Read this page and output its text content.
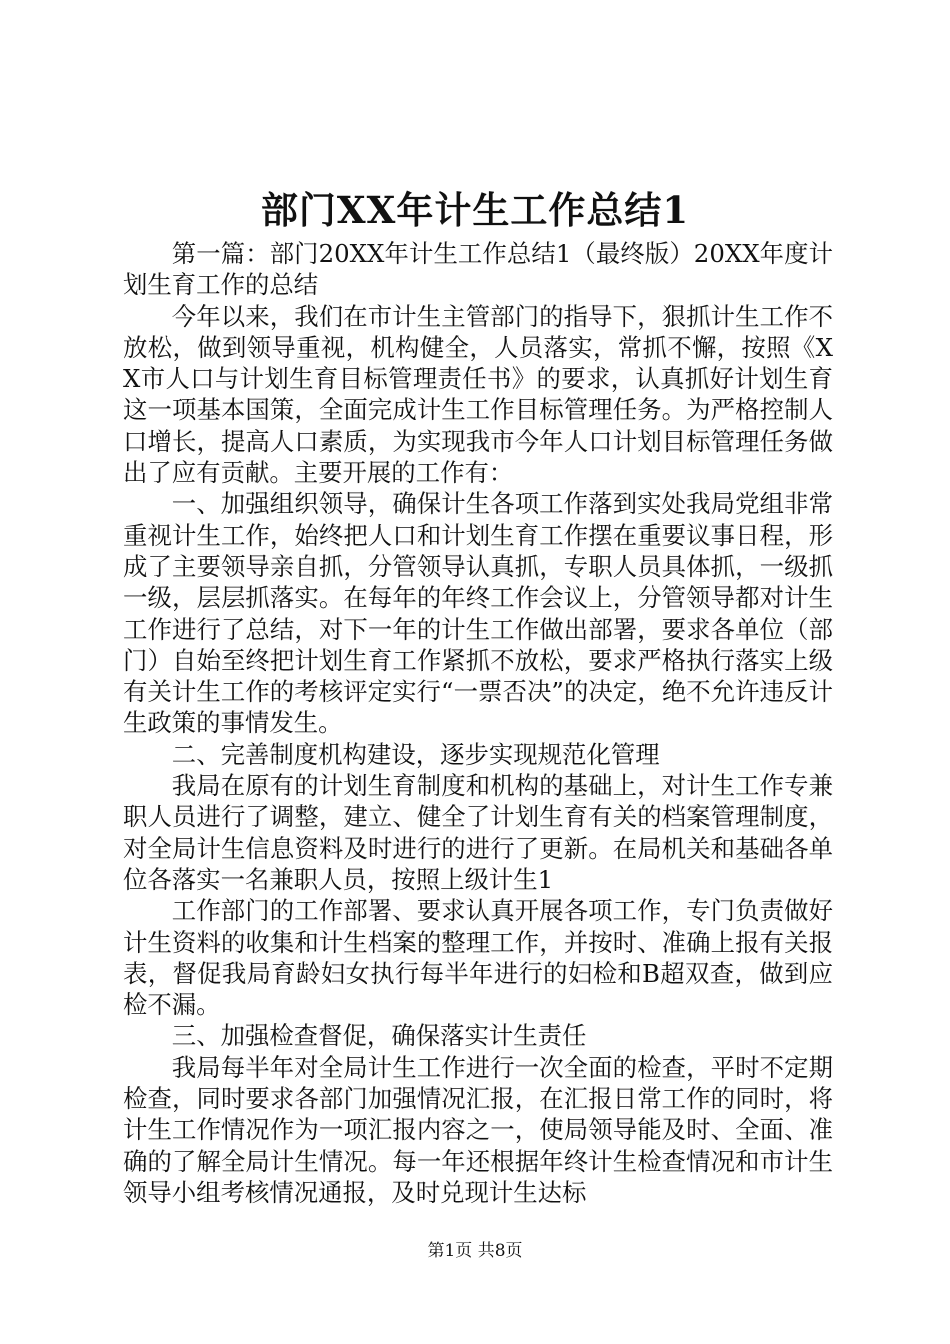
部门XX年计生工作总结1

第一篇：部门20XX年计生工作总结1（最终版）20XX年度计划生育工作的总结

今年以来，我们在市计生主管部门的指导下，狠抓计生工作不放松，做到领导重视，机构健全，人员落实，常抓不懈，按照《XX市人口与计划生育目标管理责任书》的要求，认真抓好计划生育这一项基本国策，全面完成计生工作目标管理任务。为严格控制人口增长，提高人口素质，为实现我市今年人口计划目标管理任务做出了应有贡献。主要开展的工作有：

一、加强组织领导，确保计生各项工作落到实处我局党组非常重视计生工作，始终把人口和计划生育工作摆在重要议事日程，形成了主要领导亲自抓，分管领导认真抓，专职人员具体抓，一级抓一级，层层抓落实。在每年的年终工作会议上，分管领导都对计生工作进行了总结，对下一年的计生工作做出部署，要求各单位（部门）自始至终把计划生育工作紧抓不放松，要求严格执行落实上级有关计生工作的考核评定实行“一票否决”的决定，绝不允许违反计生政策的事情发生。

二、完善制度机构建设，逐步实现规范化管理

我局在原有的计划生育制度和机构的基础上，对计生工作专兼职人员进行了调整，建立、健全了计划生育有关的档案管理制度，对全局计生信息资料及时进行的进行了更新。在局机关和基础各单位各落实一名兼职人员，按照上级计生1

工作部门的工作部署、要求认真开展各项工作，专门负责做好计生资料的收集和计生档案的整理工作，并按时、准确上报有关报表，督促我局育龄妇女执行每半年进行的妇检和B超双查，做到应检不漏。

三、加强检查督促，确保落实计生责任

我局每半年对全局计生工作进行一次全面的检查，平时不定期检查，同时要求各部门加强情况汇报，在汇报日常工作的同时，将计生工作情况作为一项汇报内容之一，使局领导能及时、全面、准确的了解全局计生情况。每一年还根据年终计生检查情况和市计生领导小组考核情况通报，及时兑现计生达标

第1页 共8页
